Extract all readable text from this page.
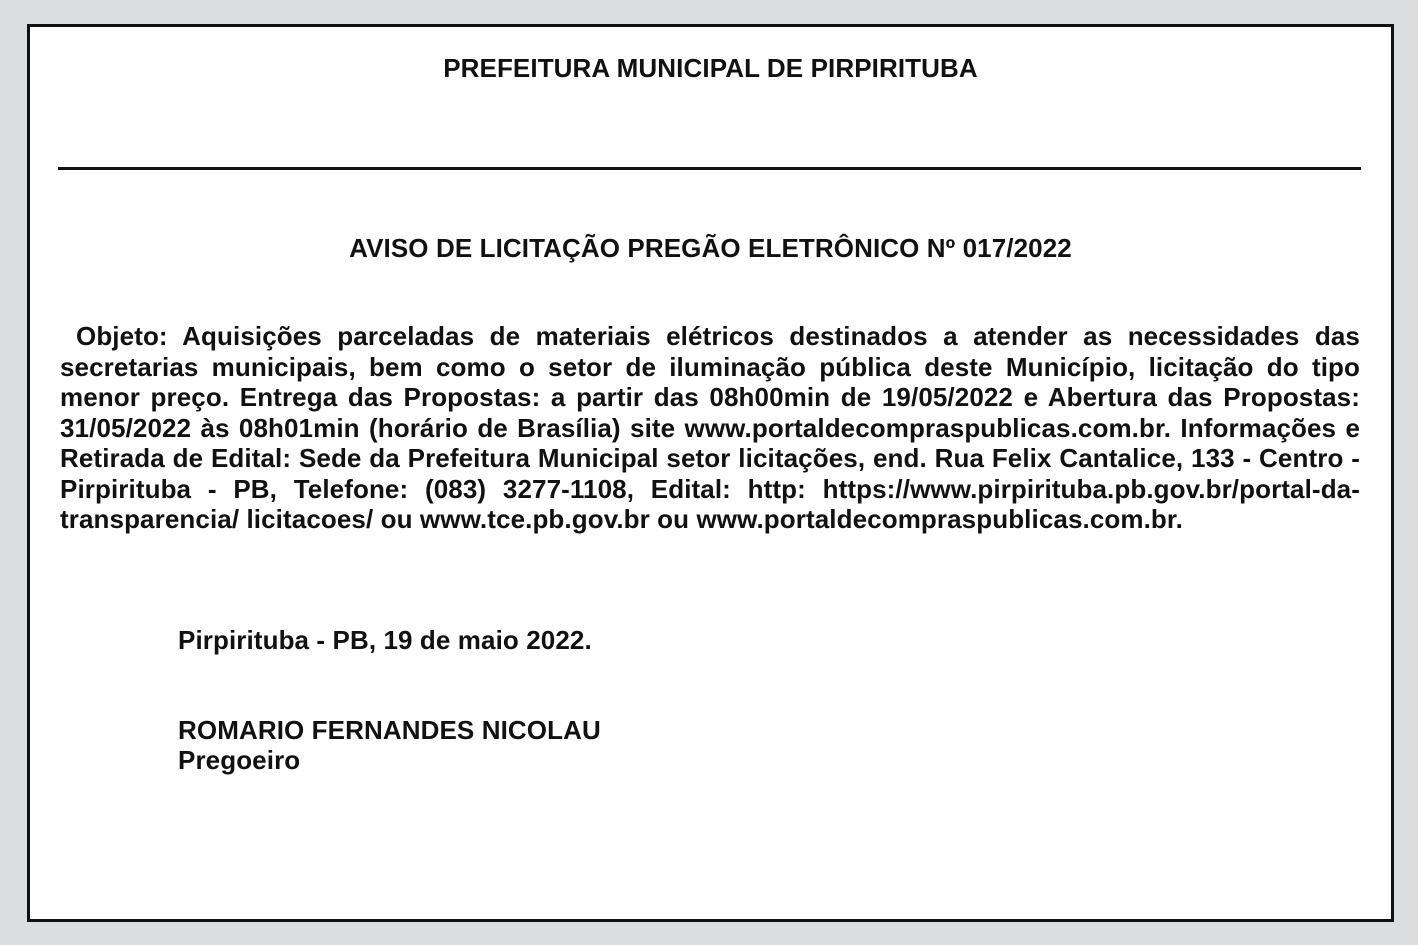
PREFEITURA MUNICIPAL DE PIRPIRITUBA
AVISO DE LICITAÇÃO PREGÃO ELETRÔNICO Nº 017/2022

Objeto: Aquisições parceladas de materiais elétricos destinados a atender as necessidades das secretarias municipais, bem como o setor de iluminação pública deste Município, licitação do tipo menor preço. Entrega das Propostas: a partir das 08h00min de 19/05/2022 e Abertura das Propostas: 31/05/2022 às 08h01min (horário de Brasília) site www.portaldecompraspublicas.com.br. Informações e Retirada de Edital: Sede da Prefeitura Municipal setor licitações, end. Rua Felix Cantalice, 133 - Centro - Pirpirituba - PB, Telefone: (083) 3277-1108, Edital: http: https://www.pirpirituba.pb.gov.br/portal-da-transparencia/ licitacoes/ ou www.tce.pb.gov.br ou www.portaldecompraspublicas.com.br.

Pirpirituba - PB, 19 de maio 2022.
ROMARIO FERNANDES NICOLAU
Pregoeiro
